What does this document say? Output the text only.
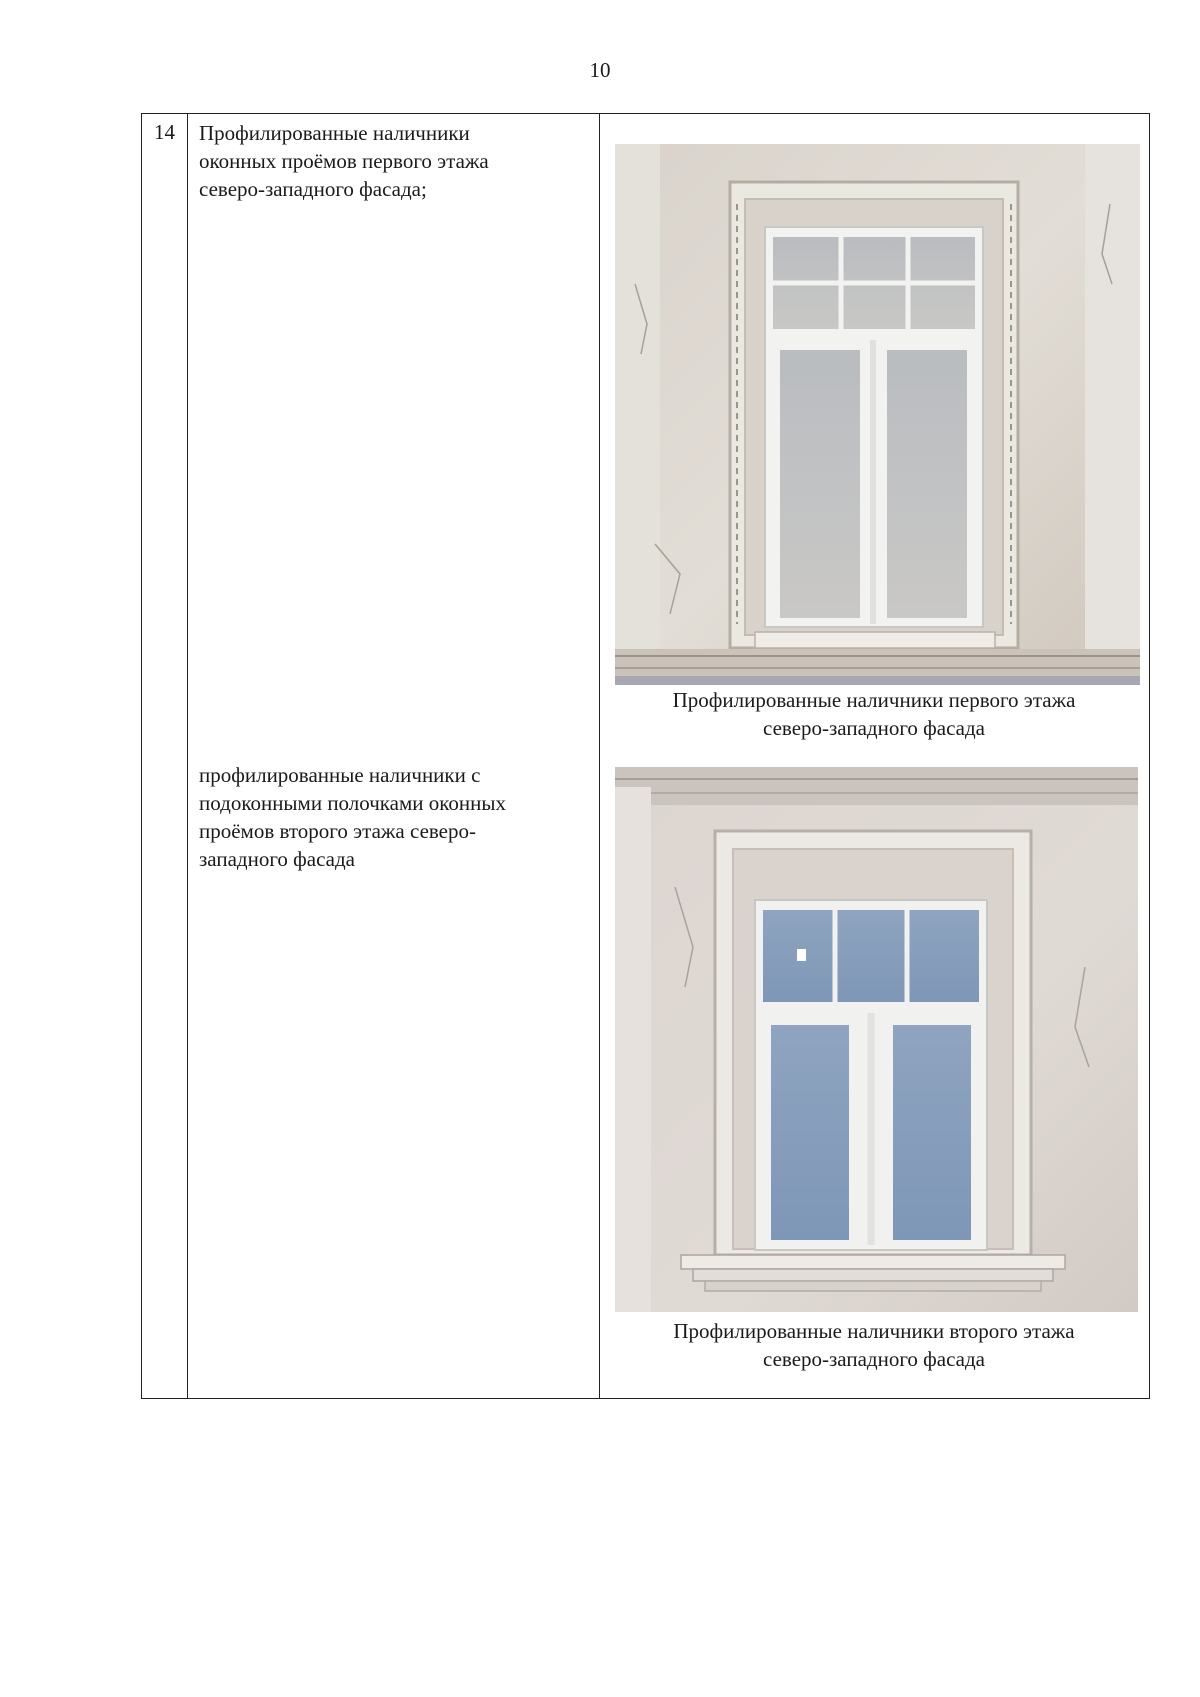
10
14	Профилированные наличники
оконных проёмов первого этажа
северо-западного фасада;
профилированные наличники с
подоконными полочками оконных
проёмов второго этажа северо-
западного фасада
Профилированные наличники первого этажа
северо-западного фасада
Профилированные наличники второго этажа
северо-западного фасада
